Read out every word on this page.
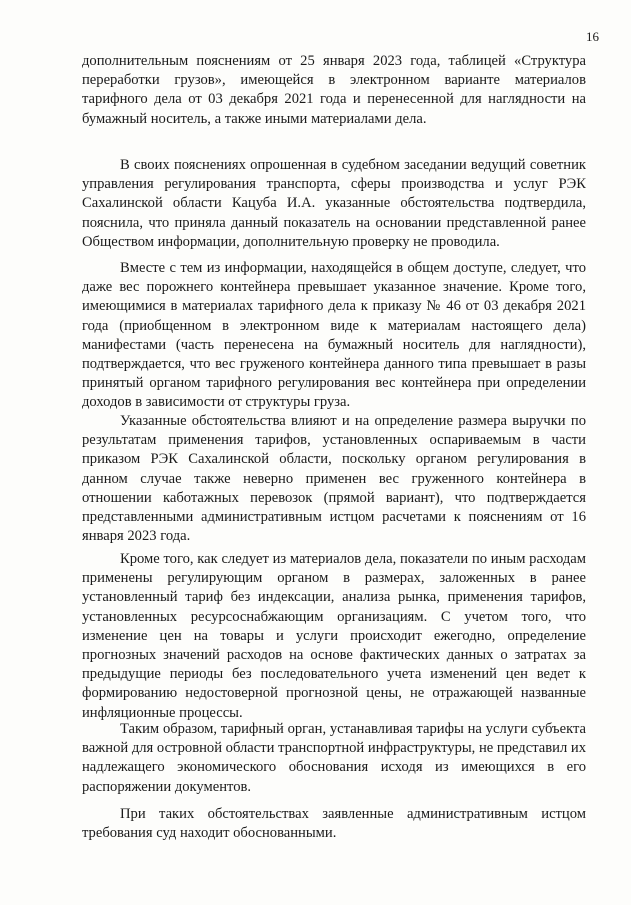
16

дополнительным пояснениям от 25 января 2023 года, таблицей «Структура переработки грузов», имеющейся в электронном варианте материалов тарифного дела от 03 декабря 2021 года и перенесенной для наглядности на бумажный носитель, а также иными материалами дела.

В своих пояснениях опрошенная в судебном заседании ведущий советник управления регулирования транспорта, сферы производства и услуг РЭК Сахалинской области Кацуба И.А. указанные обстоятельства подтвердила, пояснила, что приняла данный показатель на основании представленной ранее Обществом информации, дополнительную проверку не проводила.

Вместе с тем из информации, находящейся в общем доступе, следует, что даже вес порожнего контейнера превышает указанное значение. Кроме того, имеющимися в материалах тарифного дела к приказу № 46 от 03 декабря 2021 года (приобщенном в электронном виде к материалам настоящего дела) манифестами (часть перенесена на бумажный носитель для наглядности), подтверждается, что вес груженого контейнера данного типа превышает в разы принятый органом тарифного регулирования вес контейнера при определении доходов в зависимости от структуры груза.

Указанные обстоятельства влияют и на определение размера выручки по результатам применения тарифов, установленных оспариваемым в части приказом РЭК Сахалинской области, поскольку органом регулирования в данном случае также неверно применен вес груженного контейнера в отношении каботажных перевозок (прямой вариант), что подтверждается представленными административным истцом расчетами к пояснениям от 16 января 2023 года.

Кроме того, как следует из материалов дела, показатели по иным расходам применены регулирующим органом в размерах, заложенных в ранее установленный тариф без индексации, анализа рынка, применения тарифов, установленных ресурсоснабжающим организациям. С учетом того, что изменение цен на товары и услуги происходит ежегодно, определение прогнозных значений расходов на основе фактических данных о затратах за предыдущие периоды без последовательного учета изменений цен ведет к формированию недостоверной прогнозной цены, не отражающей названные инфляционные процессы.

Таким образом, тарифный орган, устанавливая тарифы на услуги субъекта важной для островной области транспортной инфраструктуры, не представил их надлежащего экономического обоснования исходя из имеющихся в его распоряжении документов.

При таких обстоятельствах заявленные административным истцом требования суд находит обоснованными.
